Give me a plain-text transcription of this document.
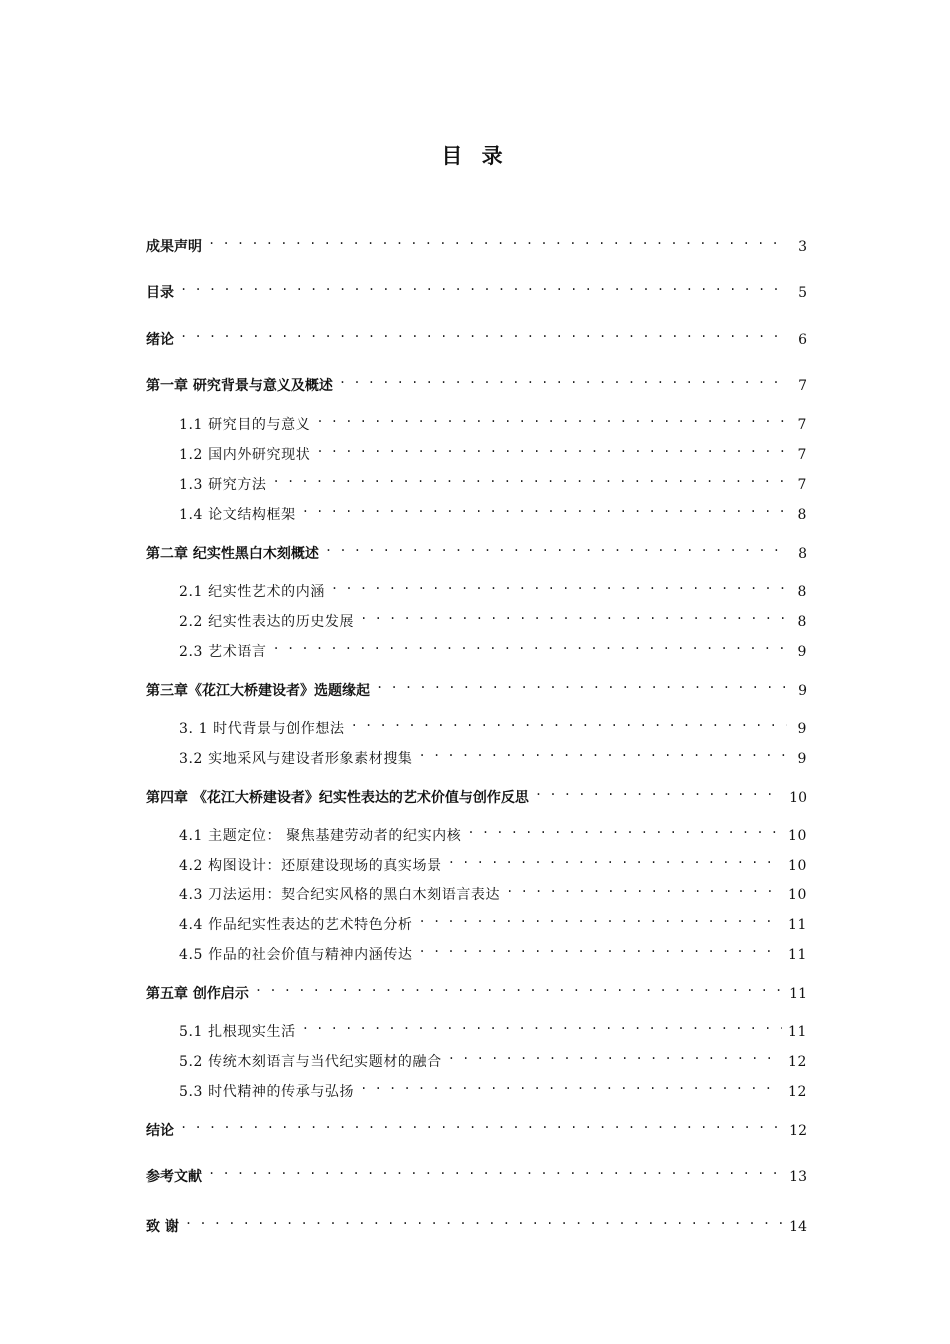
目 录
成果声明 . . .	3
目录 . . .	5
绪论 . . .	6
第一章 研究背景与意义及概述 . . .	7
1.1 研究目的与意义 . . .	7
1.2 国内外研究现状 . . .	7
1.3 研究方法 . . .	7
1.4 论文结构框架 . . .	8
第二章 纪实性黑白木刻概述 . . .	8
2.1 纪实性艺术的内涵 . . .	8
2.2 纪实性表达的历史发展 . . .	8
2.3 艺术语言 . . .	9
第三章《花江大桥建设者》选题缘起 . . .	9
3. 1 时代背景与创作想法 . . .	9
3.2 实地采风与建设者形象素材搜集 . . .	9
第四章 《花江大桥建设者》纪实性表达的艺术价值与创作反思 . . .	10
4.1 主题定位： 聚焦基建劳动者的纪实内核 . . .	10
4.2 构图设计：还原建设现场的真实场景 . . .	10
4.3 刀法运用：契合纪实风格的黑白木刻语言表达 . . .	10
4.4 作品纪实性表达的艺术特色分析 . . .	11
4.5 作品的社会价值与精神内涵传达 . . .	11
第五章 创作启示 . . .	11
5.1 扎根现实生活 . . .	11
5.2 传统木刻语言与当代纪实题材的融合 . . .	12
5.3 时代精神的传承与弘扬 . . .	12
结论 . . .	12
参考文献 . . .	13
致 谢 . . .	14
